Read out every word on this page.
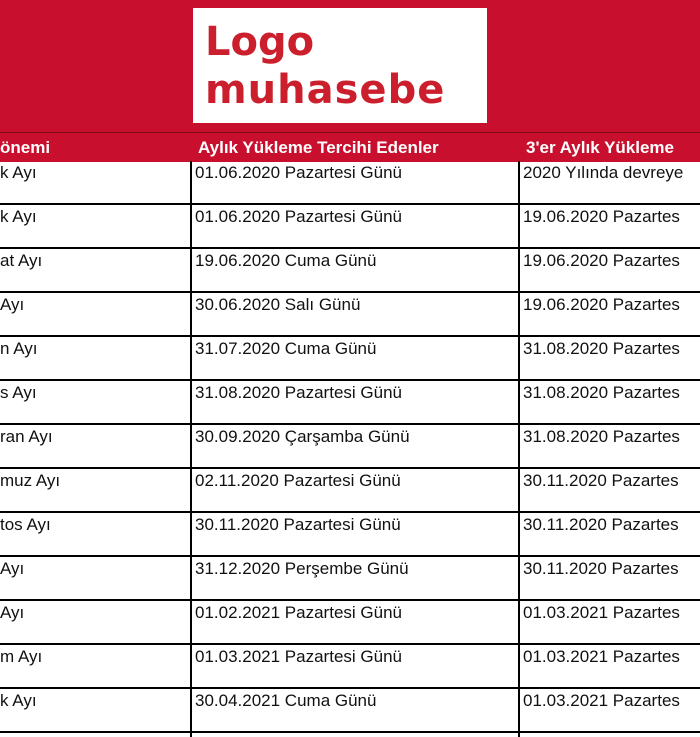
Logo
muhasebe
önemi	Aylık Yükleme Tercihi Edenler	3'er Aylık Yükleme
k Ayı	01.06.2020 Pazartesi Günü	2020 Yılında devreye
k Ayı	01.06.2020 Pazartesi Günü	19.06.2020 Pazartes
at Ayı	19.06.2020 Cuma Günü	19.06.2020 Pazartes
Ayı	30.06.2020 Salı Günü	19.06.2020 Pazartes
n Ayı	31.07.2020 Cuma Günü	31.08.2020 Pazartes
s Ayı	31.08.2020 Pazartesi Günü	31.08.2020 Pazartes
ran Ayı	30.09.2020 Çarşamba Günü	31.08.2020 Pazartes
muz Ayı	02.11.2020 Pazartesi Günü	30.11.2020 Pazartes
tos Ayı	30.11.2020 Pazartesi Günü	30.11.2020 Pazartes
Ayı	31.12.2020 Perşembe Günü	30.11.2020 Pazartes
Ayı	01.02.2021 Pazartesi Günü	01.03.2021 Pazartes
m Ayı	01.03.2021 Pazartesi Günü	01.03.2021 Pazartes
k Ayı	30.04.2021 Cuma Günü	01.03.2021 Pazartes
